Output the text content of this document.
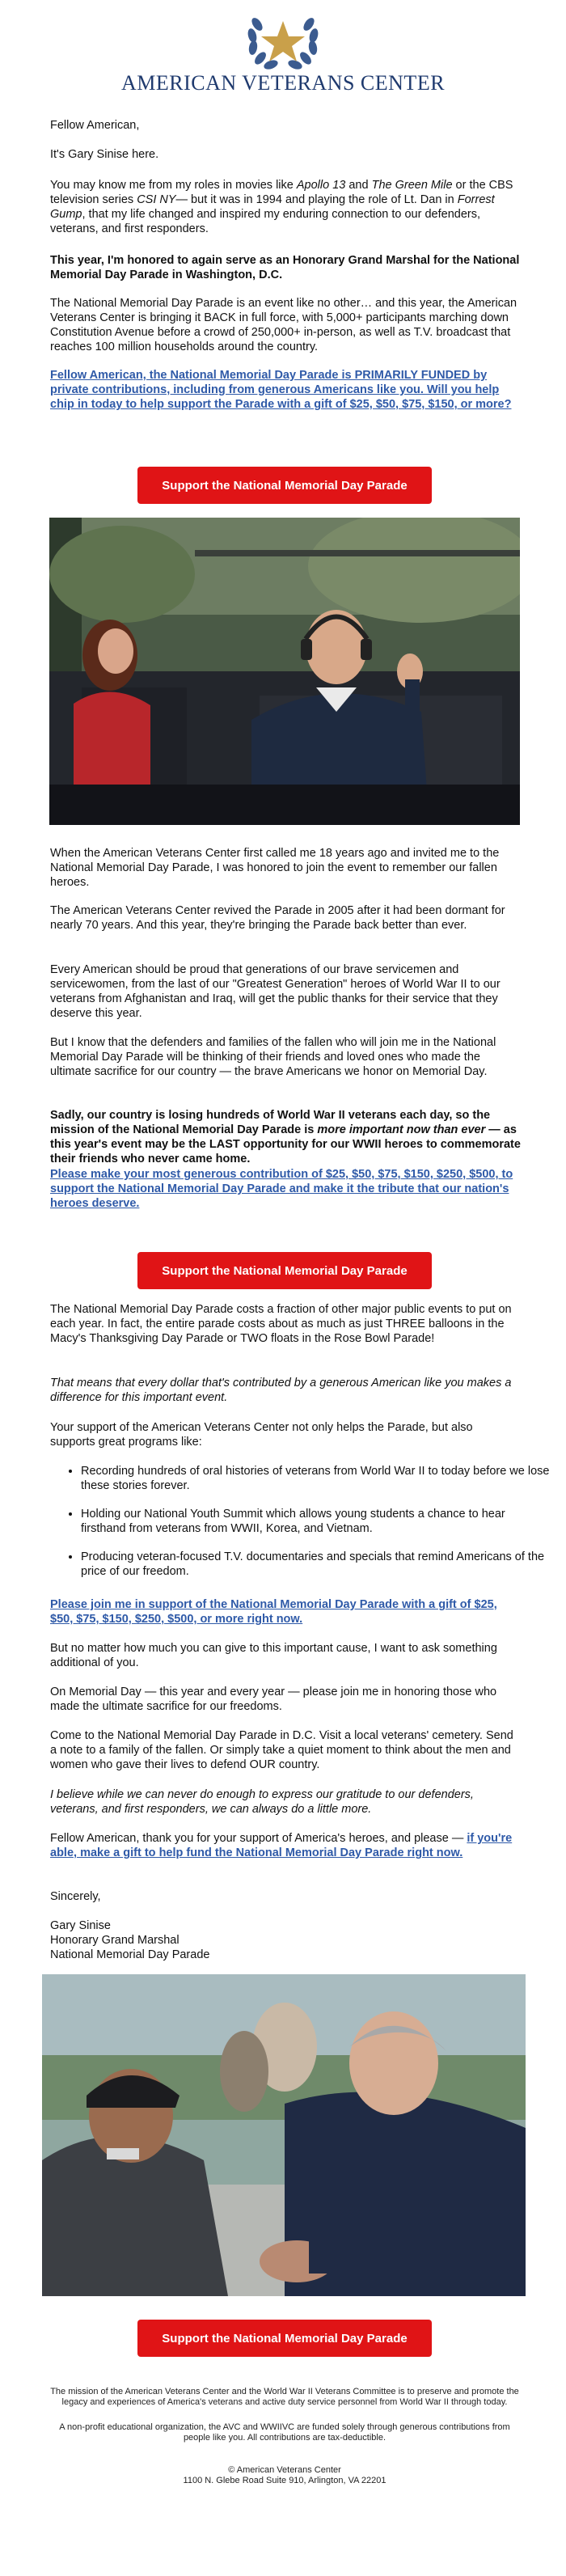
AMERICAN VETERANS CENTER

Fellow American,

It's Gary Sinise here.

You may know me from my roles in movies like Apollo 13 and The Green Mile or the CBS television series CSI NY— but it was in 1994 and playing the role of Lt. Dan in Forrest Gump, that my life changed and inspired my enduring connection to our defenders, veterans, and first responders.

This year, I'm honored to again serve as an Honorary Grand Marshal for the National Memorial Day Parade in Washington, D.C.

The National Memorial Day Parade is an event like no other… and this year, the American Veterans Center is bringing it BACK in full force, with 5,000+ participants marching down Constitution Avenue before a crowd of 250,000+ in-person, as well as T.V. broadcast that reaches 100 million households around the country.

Fellow American, the National Memorial Day Parade is PRIMARILY FUNDED by private contributions, including from generous Americans like you. Will you help chip in today to help support the Parade with a gift of $25, $50, $75, $150, or more?

Support the National Memorial Day Parade

When the American Veterans Center first called me 18 years ago and invited me to the National Memorial Day Parade, I was honored to join the event to remember our fallen heroes.

The American Veterans Center revived the Parade in 2005 after it had been dormant for nearly 70 years. And this year, they're bringing the Parade back better than ever.

Every American should be proud that generations of our brave servicemen and servicewomen, from the last of our "Greatest Generation" heroes of World War II to our veterans from Afghanistan and Iraq, will get the public thanks for their service that they deserve this year.

But I know that the defenders and families of the fallen who will join me in the National Memorial Day Parade will be thinking of their friends and loved ones who made the ultimate sacrifice for our country — the brave Americans we honor on Memorial Day.

Sadly, our country is losing hundreds of World War II veterans each day, so the mission of the National Memorial Day Parade is more important now than ever — as this year's event may be the LAST opportunity for our WWII heroes to commemorate their friends who never came home.

Please make your most generous contribution of $25, $50, $75, $150, $250, $500, to support the National Memorial Day Parade and make it the tribute that our nation's heroes deserve.

Support the National Memorial Day Parade

The National Memorial Day Parade costs a fraction of other major public events to put on each year. In fact, the entire parade costs about as much as just THREE balloons in the Macy's Thanksgiving Day Parade or TWO floats in the Rose Bowl Parade!

That means that every dollar that's contributed by a generous American like you makes a difference for this important event.

Your support of the American Veterans Center not only helps the Parade, but also supports great programs like:

• Recording hundreds of oral histories of veterans from World War II to today before we lose these stories forever.
• Holding our National Youth Summit which allows young students a chance to hear firsthand from veterans from WWII, Korea, and Vietnam.
• Producing veteran-focused T.V. documentaries and specials that remind Americans of the price of our freedom.

Please join me in support of the National Memorial Day Parade with a gift of $25, $50, $75, $150, $250, $500, or more right now.

But no matter how much you can give to this important cause, I want to ask something additional of you.

On Memorial Day — this year and every year — please join me in honoring those who made the ultimate sacrifice for our freedoms.

Come to the National Memorial Day Parade in D.C. Visit a local veterans' cemetery. Send a note to a family of the fallen. Or simply take a quiet moment to think about the men and women who gave their lives to defend OUR country.

I believe while we can never do enough to express our gratitude to our defenders, veterans, and first responders, we can always do a little more.

Fellow American, thank you for your support of America's heroes, and please — if you're able, make a gift to help fund the National Memorial Day Parade right now.

Sincerely,

Gary Sinise

Honorary Grand Marshal

National Memorial Day Parade

Support the National Memorial Day Parade

The mission of the American Veterans Center and the World War II Veterans Committee is to preserve and promote the legacy and experiences of America's veterans and active duty service personnel from World War II through today.

A non-profit educational organization, the AVC and WWIIVC are funded solely through generous contributions from people like you. All contributions are tax-deductible.

© American Veterans Center

1100 N. Glebe Road Suite 910, Arlington, VA 22201
